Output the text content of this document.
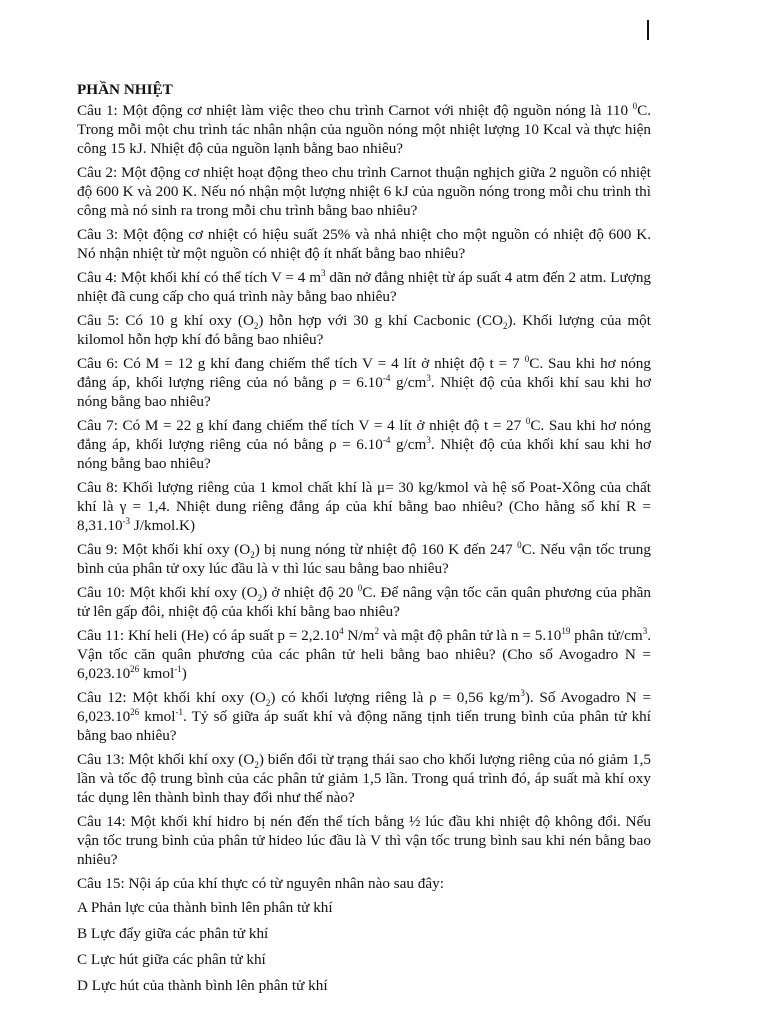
PHẦN NHIỆT

Câu 1: Một động cơ nhiệt làm việc theo chu trình Carnot với nhiệt độ nguồn nóng là 110 $^0$C. Trong mỗi một chu trình tác nhân nhận của nguồn nóng một nhiệt lượng 10 Kcal và thực hiện công 15 kJ. Nhiệt độ của nguồn lạnh bằng bao nhiêu?

Câu 2: Một động cơ nhiệt hoạt động theo chu trình Carnot thuận nghịch giữa 2 nguồn có nhiệt độ 600 K và 200 K. Nếu nó nhận một lượng nhiệt 6 kJ của nguồn nóng trong mỗi chu trình thì công mà nó sinh ra trong mỗi chu trình bằng bao nhiêu?

Câu 3: Một động cơ nhiệt có hiệu suất 25% và nhả nhiệt cho một nguồn có nhiệt độ 600 K. Nó nhận nhiệt từ một nguồn có nhiệt độ ít nhất bằng bao nhiêu?

Câu 4: Một khối khí có thể tích V = 4 $m^3$ dãn nở đẳng nhiệt từ áp suất 4 atm đến 2 atm. Lượng nhiệt đã cung cấp cho quá trình này bằng bao nhiêu?

Câu 5: Có 10 g khí oxy $(O_2)$ hỗn hợp với 30 g khí Cacbonic $(CO_2)$. Khối lượng của một kilomol hỗn hợp khí đó bằng bao nhiêu?

Câu 6: Có M = 12 g khí đang chiếm thể tích V = 4 lít ở nhiệt độ t = 7 $^0$C. Sau khi hơ nóng đẳng áp, khối lượng riêng của nó bằng $\rho = 6.10^{-4}$ $g/cm^3$. Nhiệt độ của khối khí sau khi hơ nóng bằng bao nhiêu?

Câu 7: Có M = 22 g khí đang chiếm thể tích V = 4 lít ở nhiệt độ t = 27 $^0$C. Sau khi hơ nóng đẳng áp, khối lượng riêng của nó bằng $\rho = 6.10^{-4}$ $g/cm^3$. Nhiệt độ của khối khí sau khi hơ nóng bằng bao nhiêu?

Câu 8: Khối lượng riêng của 1 kmol chất khí là μ= 30 kg/kmol và hệ số Poat-Xông của chất khí là γ = 1,4. Nhiệt dung riêng đẳng áp của khí bằng bao nhiêu? (Cho hằng số khí $R = 8,31.10^{-3}$ J/kmol.K)

Câu 9: Một khối khí oxy $(O_2)$ bị nung nóng từ nhiệt độ 160 K đến 247 $^0$C. Nếu vận tốc trung bình của phân tử oxy lúc đầu là v thì lúc sau bằng bao nhiêu?

Câu 10: Một khối khí oxy $(O_2)$ ở nhiệt độ 20 $^0$C. Để nâng vận tốc căn quân phương của phần tử lên gấp đôi, nhiệt độ của khối khí bằng bao nhiêu?

Câu 11: Khí heli (He) có áp suất $p = 2,2.10^4$ $N/m^2$ và mật độ phân tử là $n = 5.10^{19}$ phân $tử/cm^3$. Vận tốc căn quân phương của các phân tử heli bằng bao nhiêu? (Cho số Avogadro $N = 6,023.10^{26}$ kmol$^{-1}$)

Câu 12: Một khối khí oxy $(O_2)$ có khối lượng riêng là ρ = 0,56 $kg/m^3$). Số Avogadro $N = 6,023.10^{26}$ kmol$^{-1}$. Tỷ số giữa áp suất khí và động năng tịnh tiến trung bình của phân tử khí bằng bao nhiêu?

Câu 13: Một khối khí oxy $(O_2)$ biến đổi từ trạng thái sao cho khối lượng riêng của nó giảm 1,5 lần và tốc độ trung bình của các phân tử giảm 1,5 lần. Trong quá trình đó, áp suất mà khí oxy tác dụng lên thành bình thay đổi như thế nào?

Câu 14: Một khối khí hidro bị nén đến thể tích bằng ½ lúc đầu khi nhiệt độ không đổi. Nếu vận tốc trung bình của phân tử hideo lúc đầu là V thì vận tốc trung bình sau khi nén bằng bao nhiêu?

Câu 15: Nội áp của khí thực có từ nguyên nhân nào sau đây:

A Phản lực của thành bình lên phân tử khí

B Lực đẩy giữa các phân tử khí

C Lực hút giữa các phân tử khí

D Lực hút của thành bình lên phân tử khí
